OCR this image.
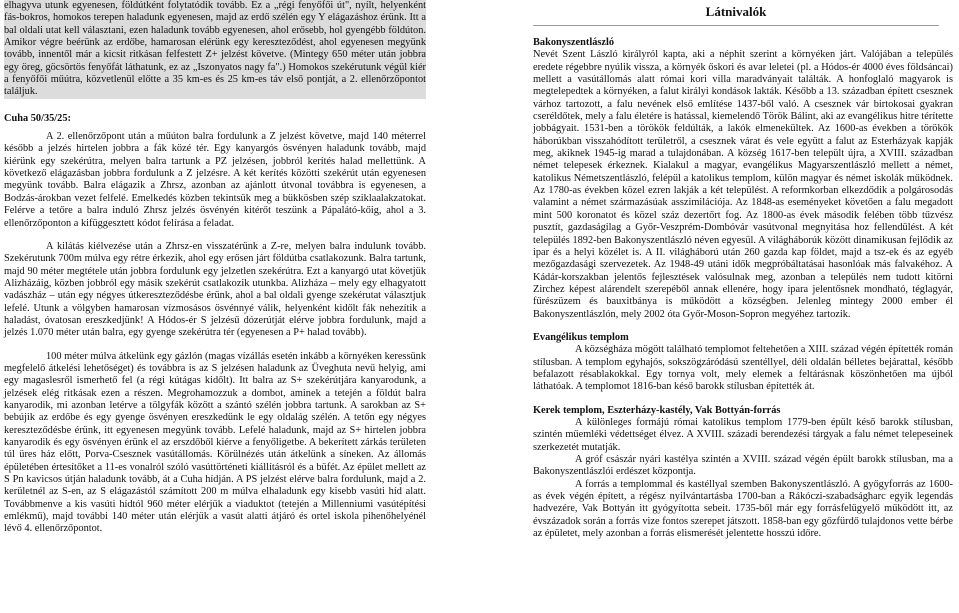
elhagyva utunk egyenesen, földútként folytatódik tovább. Ez a „régi fenyőfői út", nyílt, helyenként fás-bokros, homokos terepen haladunk egyenesen, majd az erdő szélén egy Y elágazáshoz érünk. Itt a bal oldali utat kell választani, ezen haladunk tovább egyenesen, ahol erősebb, hol gyengébb földúton. Amikor végre beérünk az erdőbe, hamarosan elérünk egy kereszteződést, ahol egyenesen megyünk tovább, innentől már a kicsit ritkásan felfestett Z+ jelzést követve. (Mintegy 650 méter után jobbra egy öreg, göcsörtös fenyőfát láthatunk, ez az „Iszonyatos nagy fa".) Homokos szekérutunk végül kiér a fenyőfői műútra, közvetlenül előtte a 35 km-es és 25 km-es táv első pontját, a 2. ellenőrzőpontot találjuk.

Cuha 50/35/25:

A 2. ellenőrzőpont után a műúton balra fordulunk a Z jelzést követve, majd 140 méterrel később a jelzés hirtelen jobbra a fák közé tér. Egy kanyargós ösvényen haladunk tovább, majd kiérünk egy szekérútra, melyen balra tartunk a PZ jelzésen, jobbról kerítés halad mellettünk. A következő elágazásban jobbra fordulunk a Z jelzésre. A két kerítés közötti szekérút után egyenesen megyünk tovább. Balra elágazik a Zhrsz, azonban az ajánlott útvonal továbbra is egyenesen, a Bodzás-árokban vezet felfelé. Emelkedés közben tekintsük meg a bükkösben szép sziklaalakzatokat. Felérve a tetőre a balra induló Zhrsz jelzés ösvényén kitérőt teszünk a Pápalátó-kőig, ahol a 3. ellenőrzőponton a kifüggesztett kódot felírása a feladat.

A kilátás kiélvezése után a Zhrsz-en visszatérünk a Z-re, melyen balra indulunk tovább. Szekérutunk 700m múlva egy rétre érkezik, ahol egy erősen járt földútba csatlakozunk. Balra tartunk, majd 90 méter megtétele után jobbra fordulunk egy jelzetlen szekérútra. Ezt a kanyargó utat követjük Alizházáig, közben jobbról egy másik szekérút csatlakozik utunkba. Alizháza – mely egy elhagyatott vadászház – után egy négyes útkereszteződésbe érünk, ahol a bal oldali gyenge szekérutat választjuk lefelé. Utunk a völgyben hamarosan vízmosásos ösvénnyé válik, helyenként kidőlt fák nehezítik a haladást, óvatosan ereszkedjünk! A Hódos-ér S jelzésű dózerútját elérve jobbra fordulunk, majd a jelzés 1.070 méter után balra, egy gyenge szekérútra tér (egyenesen a P+ halad tovább).

100 méter múlva átkelünk egy gázlón (magas vízállás esetén inkább a környéken keressünk megfelelő átkelési lehetőséget) és továbbra is az S jelzésen haladunk az Üveghuta nevű helyig, ami egy magaslesről ismerhető fel (a régi kútágas kidőlt). Itt balra az S+ szekérútjára kanyarodunk, a jelzések elég ritkásak ezen a részen. Megrohamozzuk a dombot, aminek a tetején a földút balra kanyarodik, mi azonban letérve a tölgyfák között a szántó szélén jobbra tartunk. A sarokban az S+ bebújik az erdőbe és egy gyenge ösvényen ereszkedünk le egy oldalág szélén. A tetőn egy négyes kereszteződésbe érünk, itt egyenesen megyünk tovább. Lefelé haladunk, majd az S+ hirtelen jobbra kanyarodik és egy ösvényen érünk el az erszdőből kiérve a fenyőligetbe. A bekerített zárkás területen túl üres ház előtt, Porva-Csesznek vasútállomás. Körülnézés után átkelünk a síneken. Az állomás épületében értesítőket a 11-es vonalról szóló vasúttörténeti kiállításról és a büfét. Az épület mellett az S Pn kavicsos útján haladunk tovább, át a Cuha hídján. A PS jelzést elérve balra fordulunk, majd a 2. kerületnél az S-en, az S elágazástól számított 200 m múlva elhaladunk egy kisebb vasúti híd alatt. Továbbmenve a kis vasúti hídtól 960 méter elérjük a viaduktot (tetején a Millenniumi vasútépítési emlékmű), majd további 140 méter után elérjük a vasút alatti átjáró és ortel iskola pihenőhelyénél lévő 4. ellenőrzőpontot.

Látnivalók

Bakonyszentlászló

Nevét Szent László királyról kapta, aki a néphit szerint a környéken járt. Valójában a település eredete régebbre nyúlik vissza, a környék őskori és avar leletei (pl. a Hódos-ér 4000 éves földsáncai) mellett a vasútállomás alatt római kori villa maradványait találták. A honfoglaló magyarok is megtelepedtek a környéken, a falut királyi kondások lakták. Később a 13. században épített csesznek várhoz tartozott, a falu nevének első említése 1437-ből való. A csesznek vár birtokosai gyakran cseréldőtek, mely a falu életére is hatással, kiemelendő Török Bálint, aki az evangélikus hitre térítette jobbágyait. 1531-ben a törökök feldúlták, a lakók elmenekültek. Az 1600-as években a törökök háborúkban visszahódított területről, a csesznek várat és vele együtt a falut az Esterházyak kapják meg, akiknek 1945-ig marad a tulajdonában. A község 1617-ben települt újra, a XVIII. században német telepesek érkeznek. Kialakul a magyar, evangélikus Magyarszentlászló mellett a német, katolikus Németszentlászló, felépül a katolikus templom, külön magyar és német iskolák működnek. Az 1780-as években közel ezren lakják a két települést. A reformkorban elkezdődik a polgárosodás valamint a német származásúak asszimilációja. Az 1848-as eseményeket követően a falu megadott mint 500 koronatot és közel száz dezertőrt fog. Az 1800-as évek második felében több tűzvész pusztít, gazdaságilag a Győr-Veszprém-Dombóvár vasútvonal megnyitása hoz fellendülést. A két település 1892-ben Bakonyszentlászló néven egyesül. A világháborúk között dinamikusan fejlődik az ipar és a helyi közélet is. A II. világháború után 260 gazda kap földet, majd a tsz-ek és az egyéb mezőgazdasági szervezetek. Az 1948-49 utáni idők megpróbáltatásai hasonlóak más falvakéhoz. A Kádár-korszakban jelentős fejlesztések valósulnak meg, azonban a település nem tudott kitörni Zirchez képest alárendelt szerepéből annak ellenére, hogy ipara jelentősnek mondható, téglagyár, fűrészüzem és bauxitbánya is működött a községben. Jelenleg mintegy 2000 ember él Bakonyszentlászlón, mely 2002 óta Győr-Moson-Sopron megyéhez tartozik.

Evangélikus templom

A községháza mögött található templomot feltehetően a XIII. század végén építették román stílusban. A templom egyhajós, sokszögzáródású szentéllyel, déli oldalán bélletes bejárattal, később befalazott résablakokkal. Egy tornya volt, mely elemek a feltárásnak köszönhetően ma újból láthatóak. A templomot 1816-ban késő barokk stílusban építették át.

Kerek templom, Eszterházy-kastély, Vak Bottyán-forrás

A különleges formájú római katolikus templom 1779-ben épült késő barokk stílusban, szintén műemléki védettséget élvez. A XVIII. századi berendezési tárgyak a falu német telepeseinek szerkezetét mutatják.

A gróf császár nyári kastélya szintén a XVIII. század végén épült barokk stílusban, ma a Bakonyszentlászlói erdészet központja.

A forrás a templommal és kastéllyal szemben Bakonyszentlászló. A győgyforrás az 1600-as évek végén épített, a régész nyilvántartásba 1700-ban a Rákóczi-szabadságharc egyik legendás hadvezére, Vak Bottyán itt gyógyította sebeit. 1735-ből már egy forrásfelügyelő működött itt, az évszázadok során a forrás vize fontos szerepet játszott. 1858-ban egy gőzfürdő tulajdonos vette bérbe az épületet, mely azonban a forrás elismerését jelentette hosszú időre.
